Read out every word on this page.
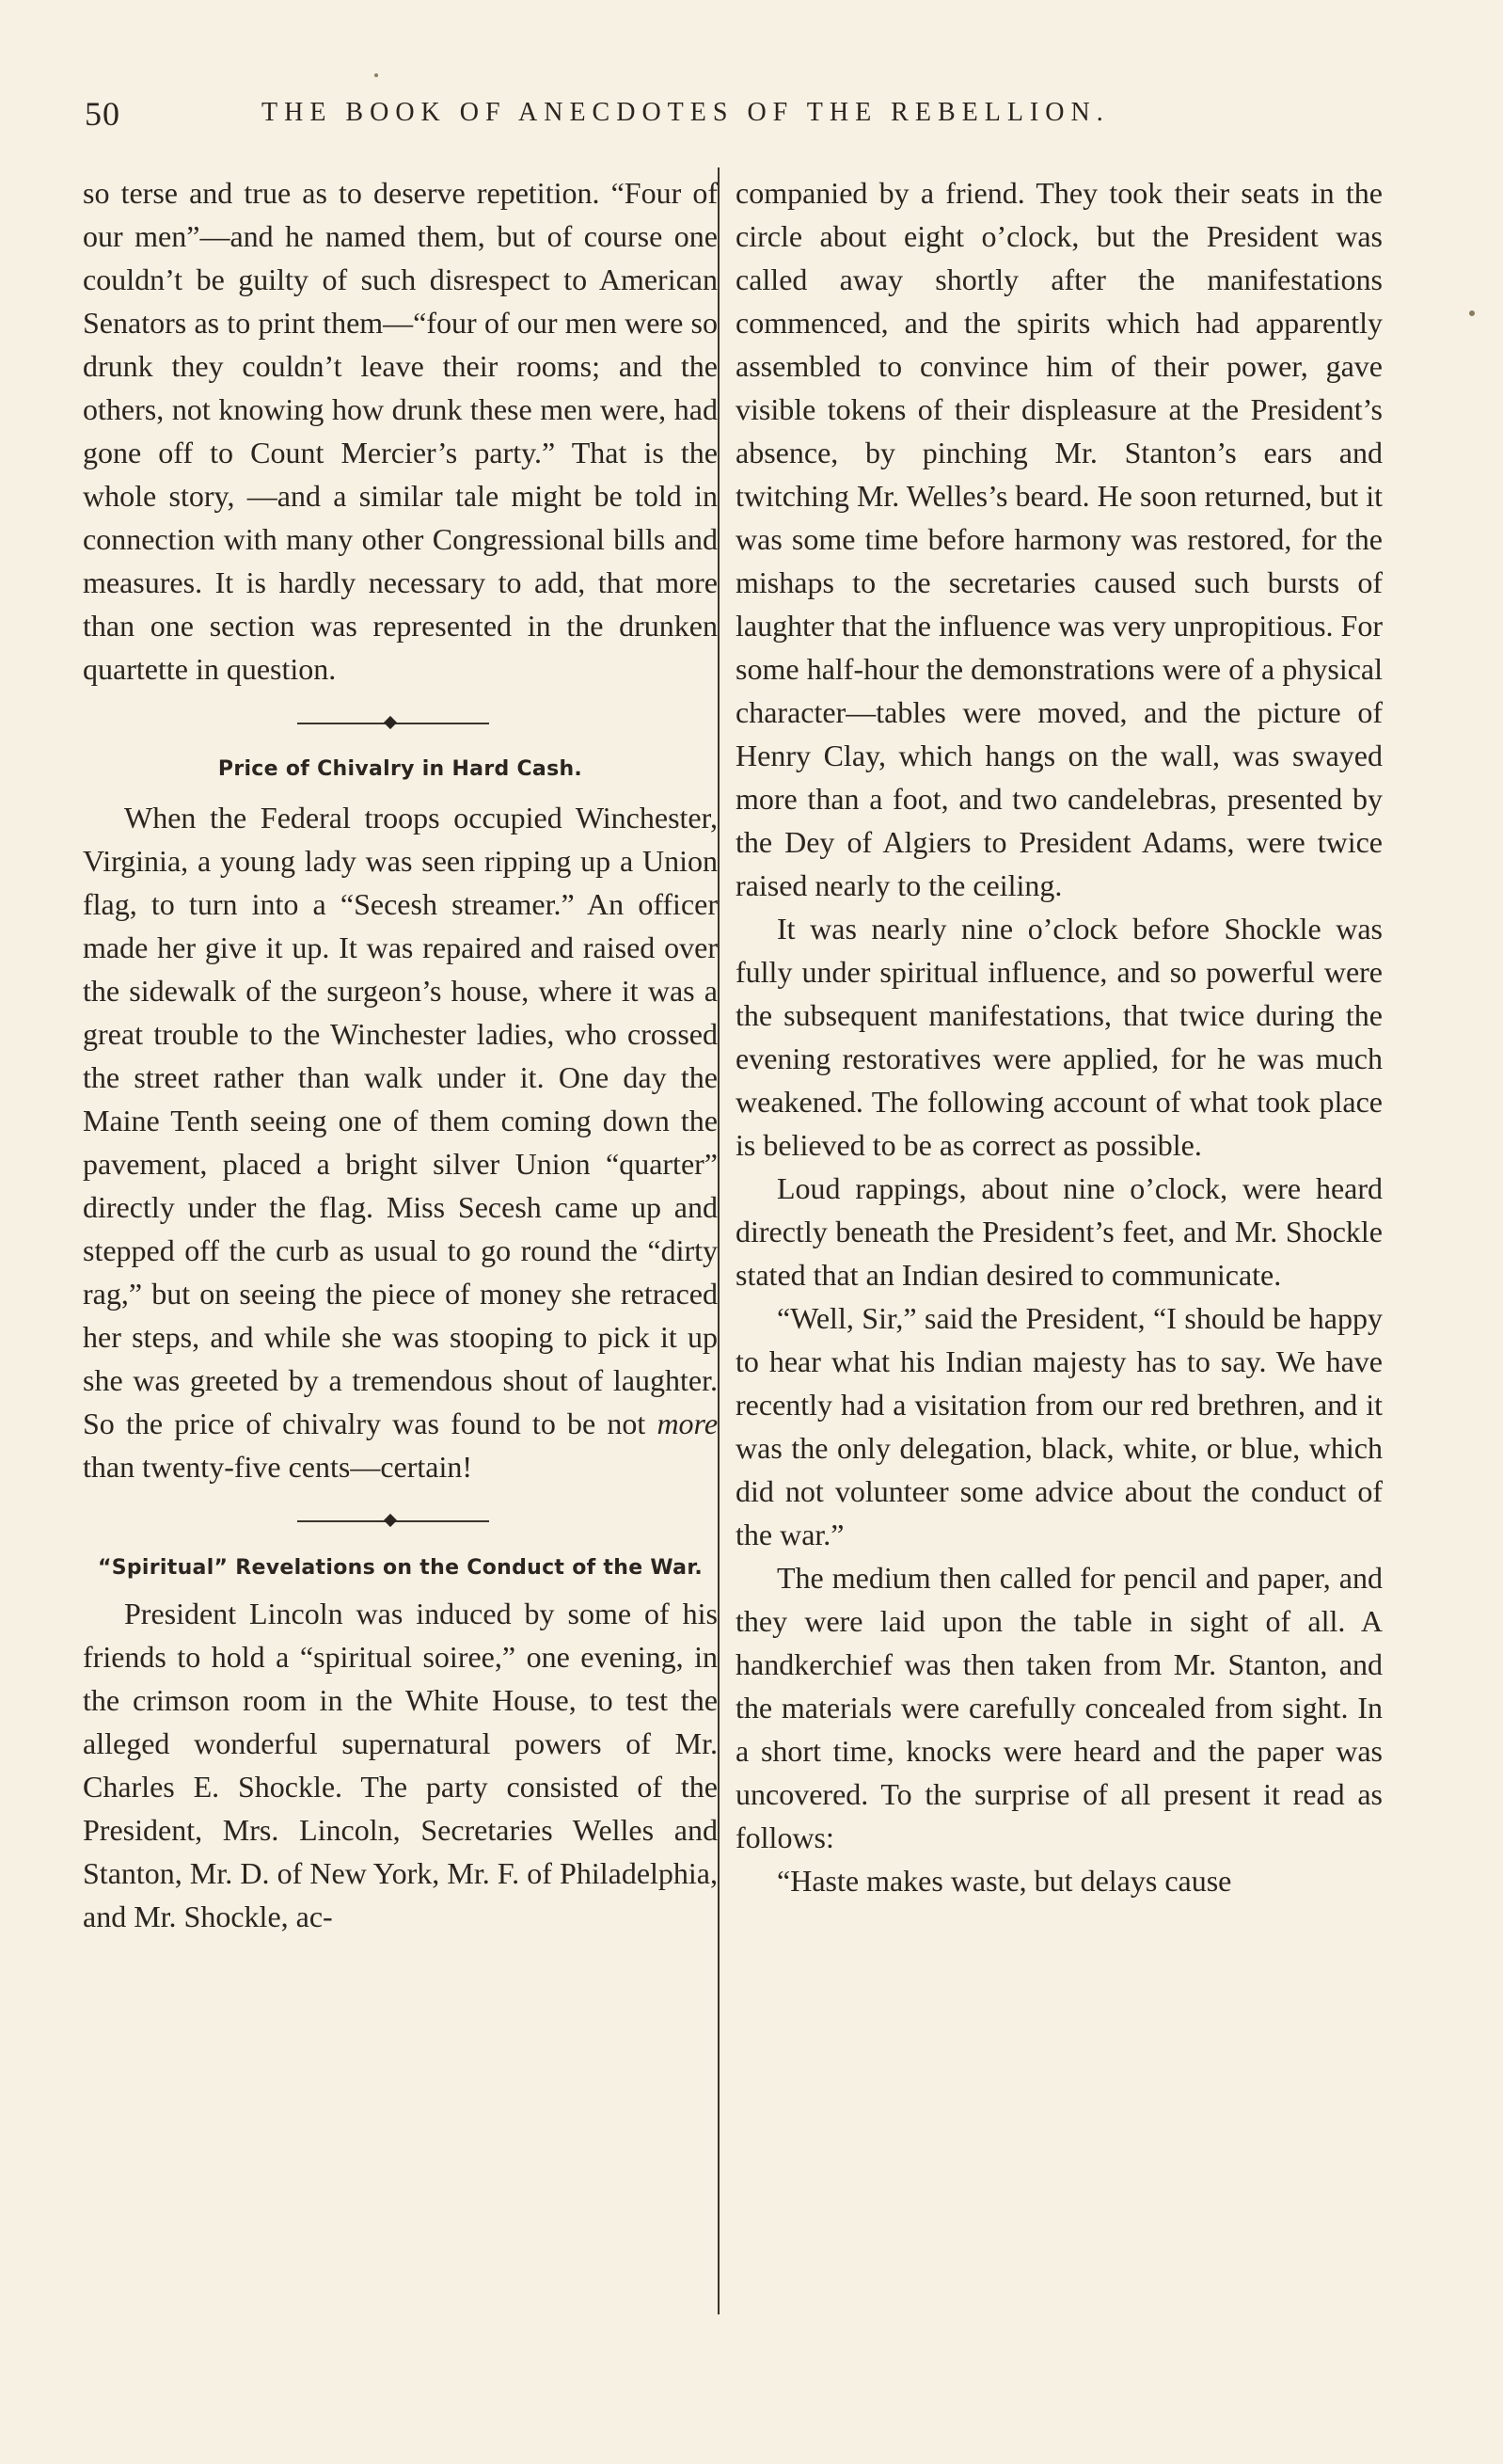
50	THE BOOK OF ANECDOTES OF THE REBELLION.

so terse and true as to deserve repetition. “Four of our men”—and he named them, but of course one couldn’t be guilty of such disrespect to American Senators as to print them—“four of our men were so drunk they couldn’t leave their rooms; and the others, not knowing how drunk these men were, had gone off to Count Mercier’s party.” That is the whole story, —and a similar tale might be told in connection with many other Congressional bills and measures. It is hardly necessary to add, that more than one section was represented in the drunken quartette in question.

Price of Chivalry in Hard Cash.

When the Federal troops occupied Winchester, Virginia, a young lady was seen ripping up a Union flag, to turn into a “Secesh streamer.” An officer made her give it up. It was repaired and raised over the sidewalk of the surgeon’s house, where it was a great trouble to the Winchester ladies, who crossed the street rather than walk under it. One day the Maine Tenth seeing one of them coming down the pavement, placed a bright silver Union “quarter” directly under the flag. Miss Secesh came up and stepped off the curb as usual to go round the “dirty rag,” but on seeing the piece of money she retraced her steps, and while she was stooping to pick it up she was greeted by a tremendous shout of laughter. So the price of chivalry was found to be not more than twenty-five cents—certain!

“Spiritual” Revelations on the Conduct of the War.

President Lincoln was induced by some of his friends to hold a “spiritual soiree,” one evening, in the crimson room in the White House, to test the alleged wonderful supernatural powers of Mr. Charles E. Shockle. The party consisted of the President, Mrs. Lincoln, Secretaries Welles and Stanton, Mr. D. of New York, Mr. F. of Philadelphia, and Mr. Shockle, ac-

companied by a friend. They took their seats in the circle about eight o’clock, but the President was called away shortly after the manifestations commenced, and the spirits which had apparently assembled to convince him of their power, gave visible tokens of their displeasure at the President’s absence, by pinching Mr. Stanton’s ears and twitching Mr. Welles’s beard. He soon returned, but it was some time before harmony was restored, for the mishaps to the secretaries caused such bursts of laughter that the influence was very unpropitious. For some half-hour the demonstrations were of a physical character—tables were moved, and the picture of Henry Clay, which hangs on the wall, was swayed more than a foot, and two candelebras, presented by the Dey of Algiers to President Adams, were twice raised nearly to the ceiling.

It was nearly nine o’clock before Shockle was fully under spiritual influence, and so powerful were the subsequent manifestations, that twice during the evening restoratives were applied, for he was much weakened. The following account of what took place is believed to be as correct as possible.

Loud rappings, about nine o’clock, were heard directly beneath the President’s feet, and Mr. Shockle stated that an Indian desired to communicate.

“Well, Sir,” said the President, “I should be happy to hear what his Indian majesty has to say. We have recently had a visitation from our red brethren, and it was the only delegation, black, white, or blue, which did not volunteer some advice about the conduct of the war.”

The medium then called for pencil and paper, and they were laid upon the table in sight of all. A handkerchief was then taken from Mr. Stanton, and the materials were carefully concealed from sight. In a short time, knocks were heard and the paper was uncovered. To the surprise of all present it read as follows:

“Haste makes waste, but delays cause
